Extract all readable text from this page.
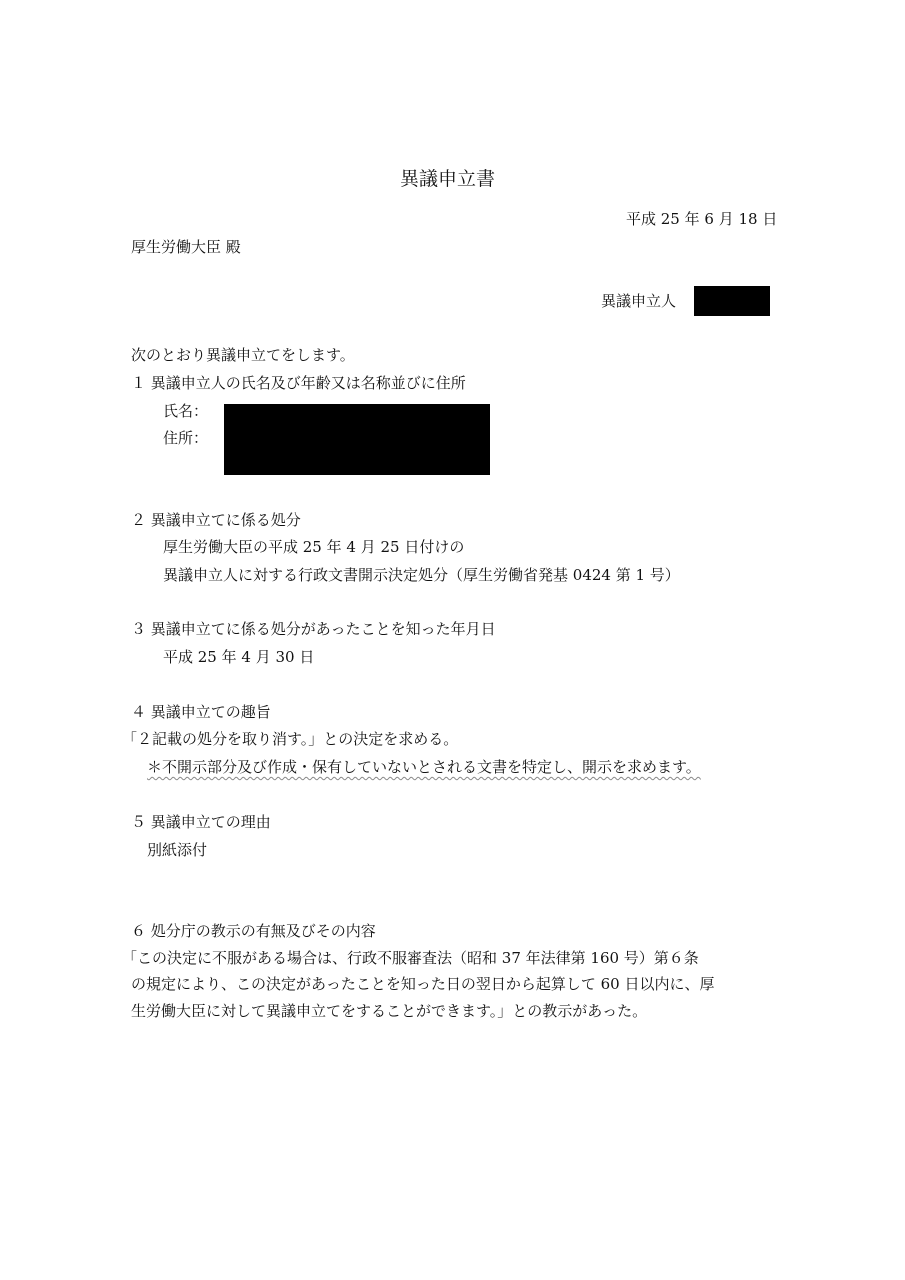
異議申立書
平成 25 年 6 月 18 日
厚生労働大臣 殿
異議申立人
次のとおり異議申立てをします。
１ 異議申立人の氏名及び年齢又は名称並びに住所
氏名：
住所：
２ 異議申立てに係る処分
厚生労働大臣の平成 25 年 4 月 25 日付けの
異議申立人に対する行政文書開示決定処分（厚生労働省発基 0424 第 1 号）
３ 異議申立てに係る処分があったことを知った年月日
平成 25 年 4 月 30 日
４ 異議申立ての趣旨
「２記載の処分を取り消す。」との決定を求める。
＊不開示部分及び作成・保有していないとされる文書を特定し、開示を求めます。
５ 異議申立ての理由
別紙添付
６ 処分庁の教示の有無及びその内容
「この決定に不服がある場合は、行政不服審査法（昭和 37 年法律第 160 号）第６条
の規定により、この決定があったことを知った日の翌日から起算して 60 日以内に、厚
生労働大臣に対して異議申立てをすることができます。」との教示があった。
